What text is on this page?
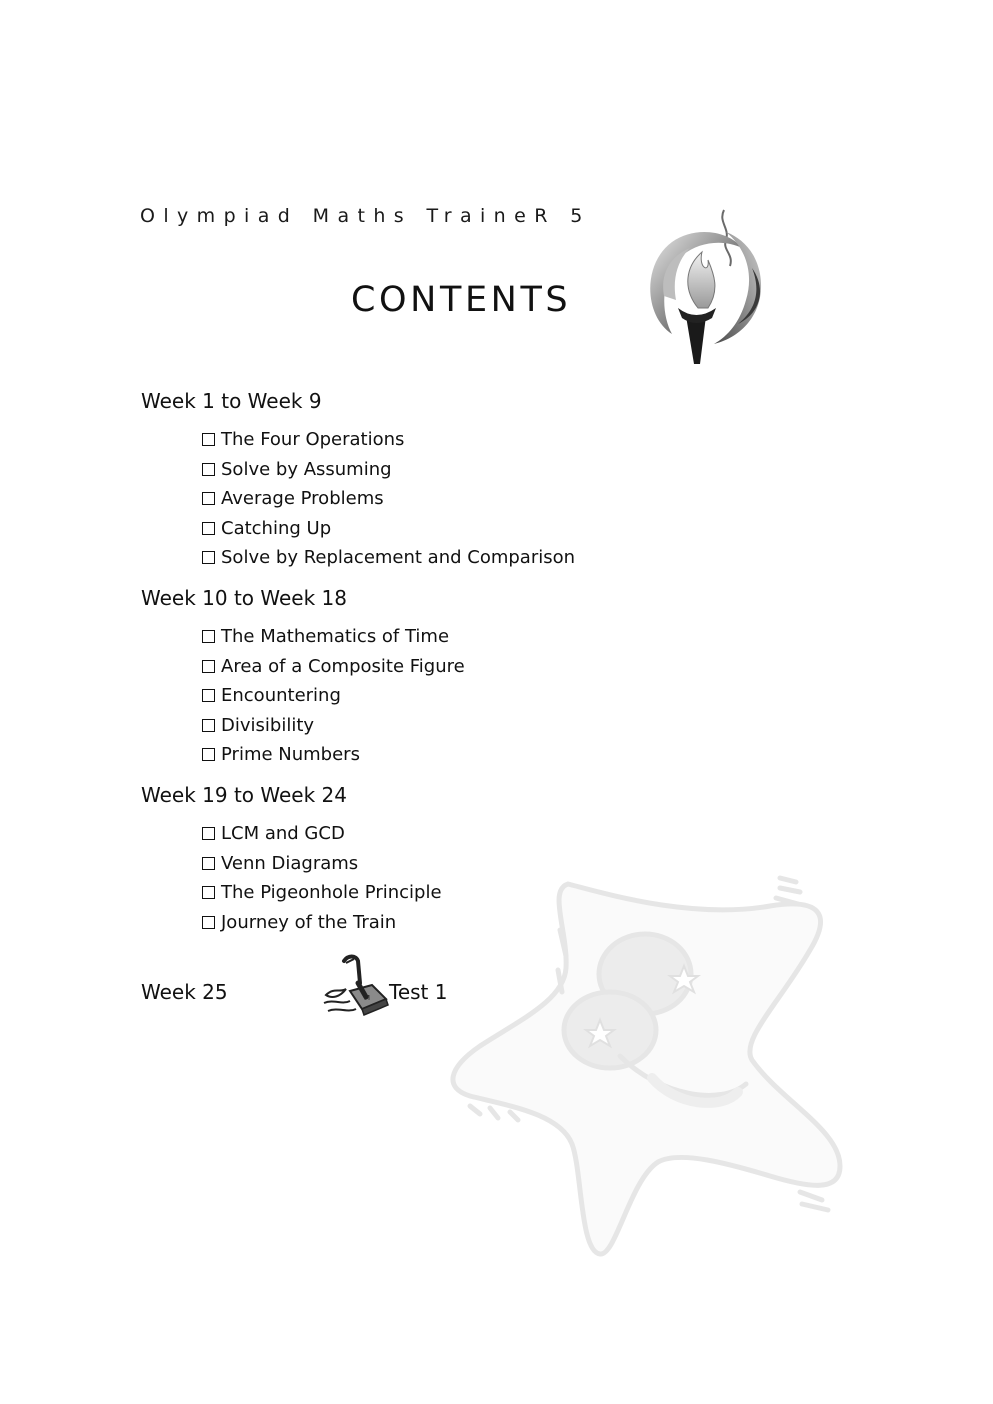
Olympiad Maths TraineR 5
CONTENTS
Week 1 to Week 9
The Four Operations
Solve by Assuming
Average Problems
Catching Up
Solve by Replacement and Comparison
Week 10 to Week 18
The Mathematics of Time
Area of a Composite Figure
Encountering
Divisibility
Prime Numbers
Week 19 to Week 24
LCM and GCD
Venn Diagrams
The Pigeonhole Principle
Journey of the Train
Week 25	M Test 1
